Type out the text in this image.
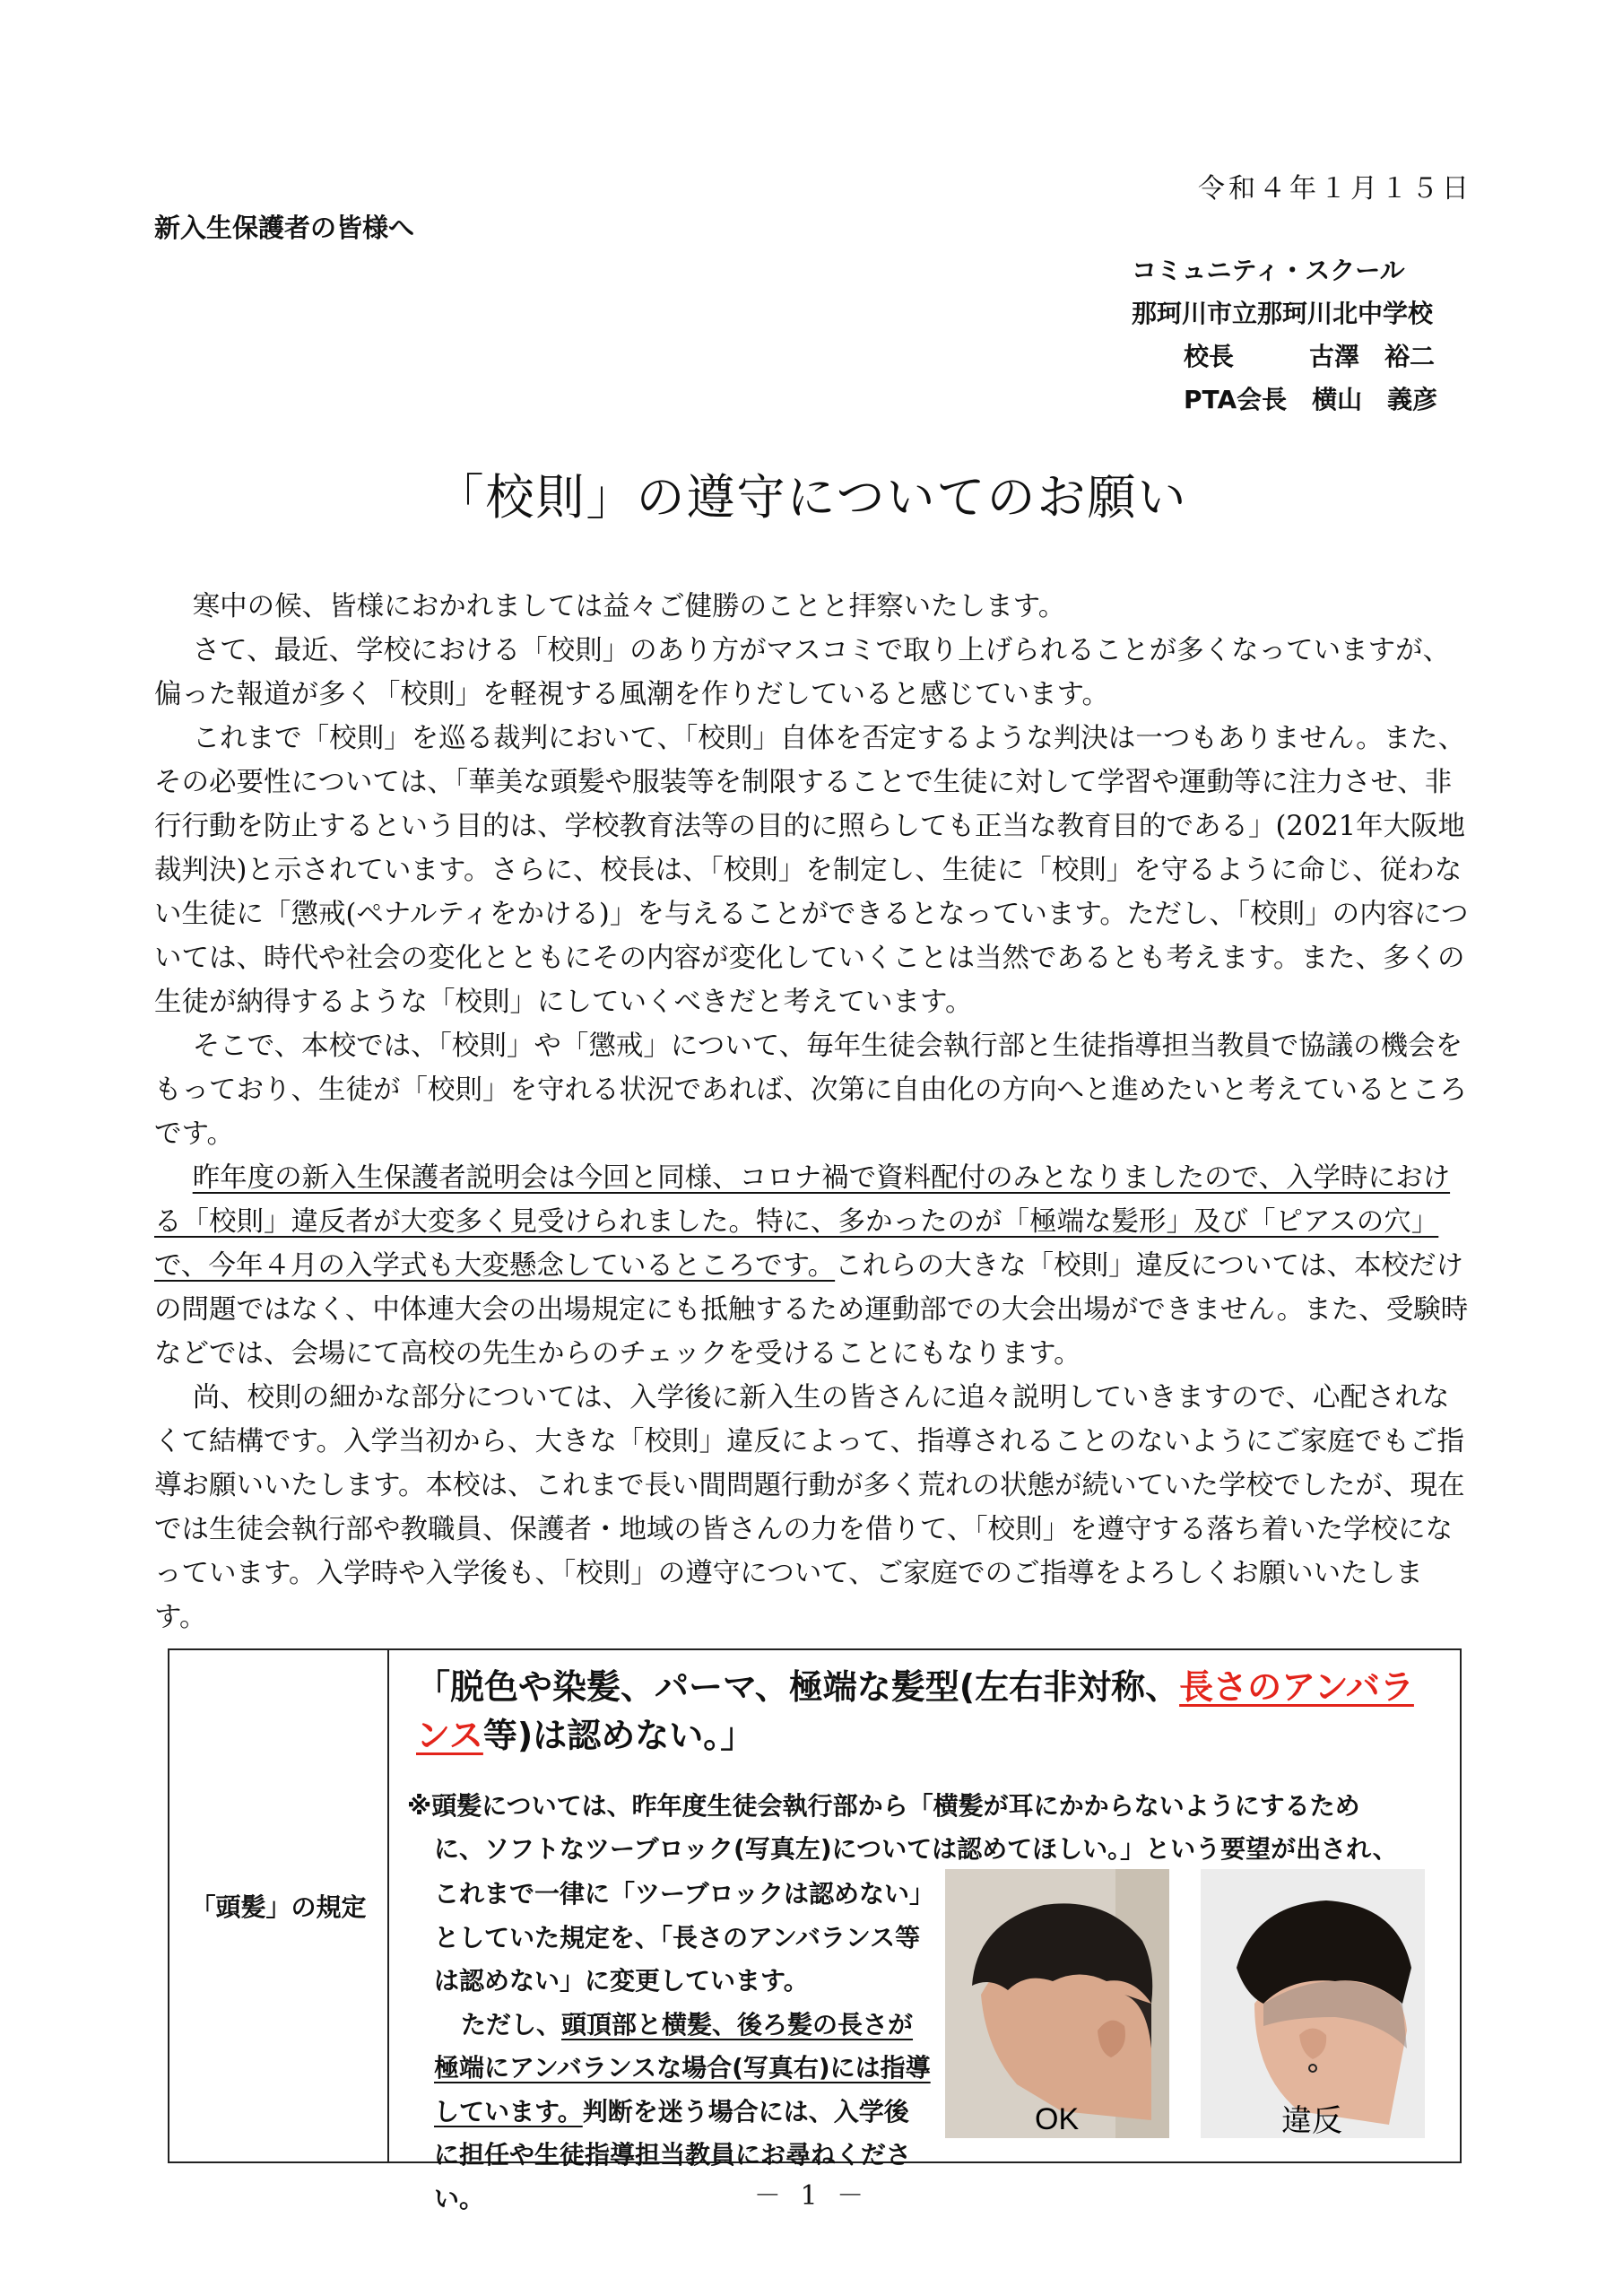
令和４年１月１５日
新入生保護者の皆様へ
コミュニティ・スクール
那珂川市立那珂川北中学校
校長　　　古澤　裕二
PTA会長　横山　義彦
「校則」の遵守についてのお願い

寒中の候、皆様におかれましては益々ご健勝のことと拝察いたします。

さて、最近、学校における「校則」のあり方がマスコミで取り上げられることが多くなっていますが、偏った報道が多く「校則」を軽視する風潮を作りだしていると感じています。

これまで「校則」を巡る裁判において、「校則」自体を否定するような判決は一つもありません。また、その必要性については、「華美な頭髪や服装等を制限することで生徒に対して学習や運動等に注力させ、非行行動を防止するという目的は、学校教育法等の目的に照らしても正当な教育目的である」(2021年大阪地裁判決)と示されています。さらに、校長は、「校則」を制定し、生徒に「校則」を守るように命じ、従わない生徒に「懲戒(ペナルティをかける)」を与えることができるとなっています。ただし、「校則」の内容については、時代や社会の変化とともにその内容が変化していくことは当然であるとも考えます。また、多くの生徒が納得するような「校則」にしていくべきだと考えています。

そこで、本校では、「校則」や「懲戒」について、毎年生徒会執行部と生徒指導担当教員で協議の機会をもっており、生徒が「校則」を守れる状況であれば、次第に自由化の方向へと進めたいと考えているところです。

昨年度の新入生保護者説明会は今回と同様、コロナ禍で資料配付のみとなりましたので、入学時における「校則」違反者が大変多く見受けられました。特に、多かったのが「極端な髪形」及び「ピアスの穴」で、今年４月の入学式も大変懸念しているところです。これらの大きな「校則」違反については、本校だけの問題ではなく、中体連大会の出場規定にも抵触するため運動部での大会出場ができません。また、受験時などでは、会場にて高校の先生からのチェックを受けることにもなります。

尚、校則の細かな部分については、入学後に新入生の皆さんに追々説明していきますので、心配されなくて結構です。入学当初から、大きな「校則」違反によって、指導されることのないようにご家庭でもご指導お願いいたします。本校は、これまで長い間問題行動が多く荒れの状態が続いていた学校でしたが、現在では生徒会執行部や教職員、保護者・地域の皆さんの力を借りて、「校則」を遵守する落ち着いた学校になっています。入学時や入学後も、「校則」の遵守について、ご家庭でのご指導をよろしくお願いいたします。

「頭髪」の規定
「脱色や染髪、パーマ、極端な髪型(左右非対称、長さのアンバランス等)は認めない。」
※頭髪については、昨年度生徒会執行部から「横髪が耳にかからないようにするため
に、ソフトなツーブロック(写真左)については認めてほしい。」という要望が出され、
これまで一律に「ツーブロックは認めない」としていた規定を、「長さのアンバランス等は認めない」に変更しています。
ただし、頭頂部と横髪、後ろ髪の長さが極端にアンバランスな場合(写真右)には指導しています。判断を迷う場合には、入学後に担任や生徒指導担当教員にお尋ねください。
OK	違反
－ 1 －
